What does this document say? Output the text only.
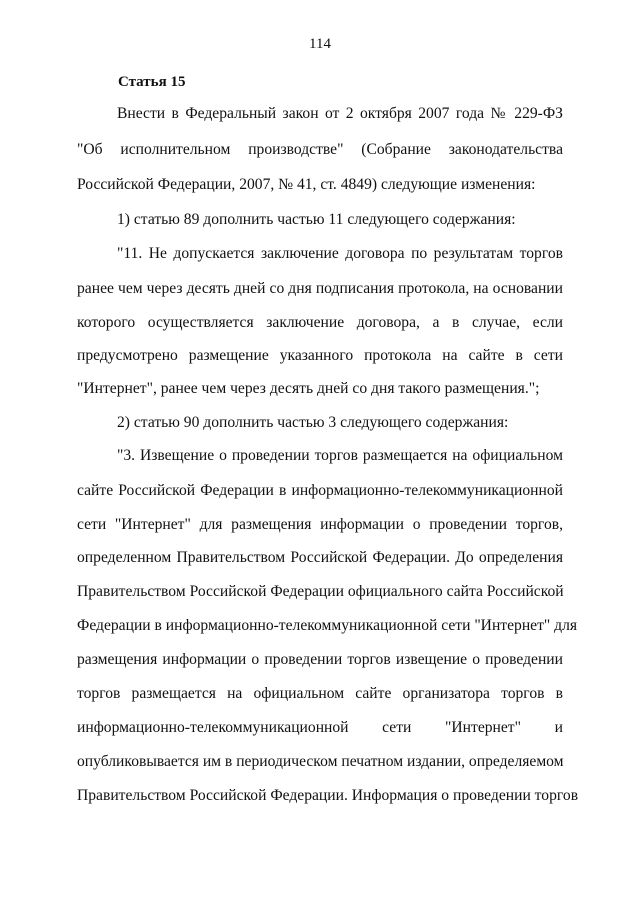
114
Статья 15
Внести в Федеральный закон от 2 октября 2007 года № 229-ФЗ
"Об исполнительном производстве" (Собрание законодательства
Российской Федерации, 2007, № 41, ст. 4849) следующие изменения:
1) статью 89 дополнить частью 11 следующего содержания:
"11. Не допускается заключение договора по результатам торгов
ранее чем через десять дней со дня подписания протокола, на основании
которого осуществляется заключение договора, а в случае, если
предусмотрено размещение указанного протокола на сайте в сети
"Интернет", ранее чем через десять дней со дня такого размещения.";
2) статью 90 дополнить частью 3 следующего содержания:
"3. Извещение о проведении торгов размещается на официальном
сайте Российской Федерации в информационно-телекоммуникационной
сети "Интернет" для размещения информации о проведении торгов,
определенном Правительством Российской Федерации. До определения
Правительством Российской Федерации официального сайта Российской
Федерации в информационно-телекоммуникационной сети "Интернет" для
размещения информации о проведении торгов извещение о проведении
торгов размещается на официальном сайте организатора торгов в
информационно-телекоммуникационной сети "Интернет" и
опубликовывается им в периодическом печатном издании, определяемом
Правительством Российской Федерации. Информация о проведении торгов
